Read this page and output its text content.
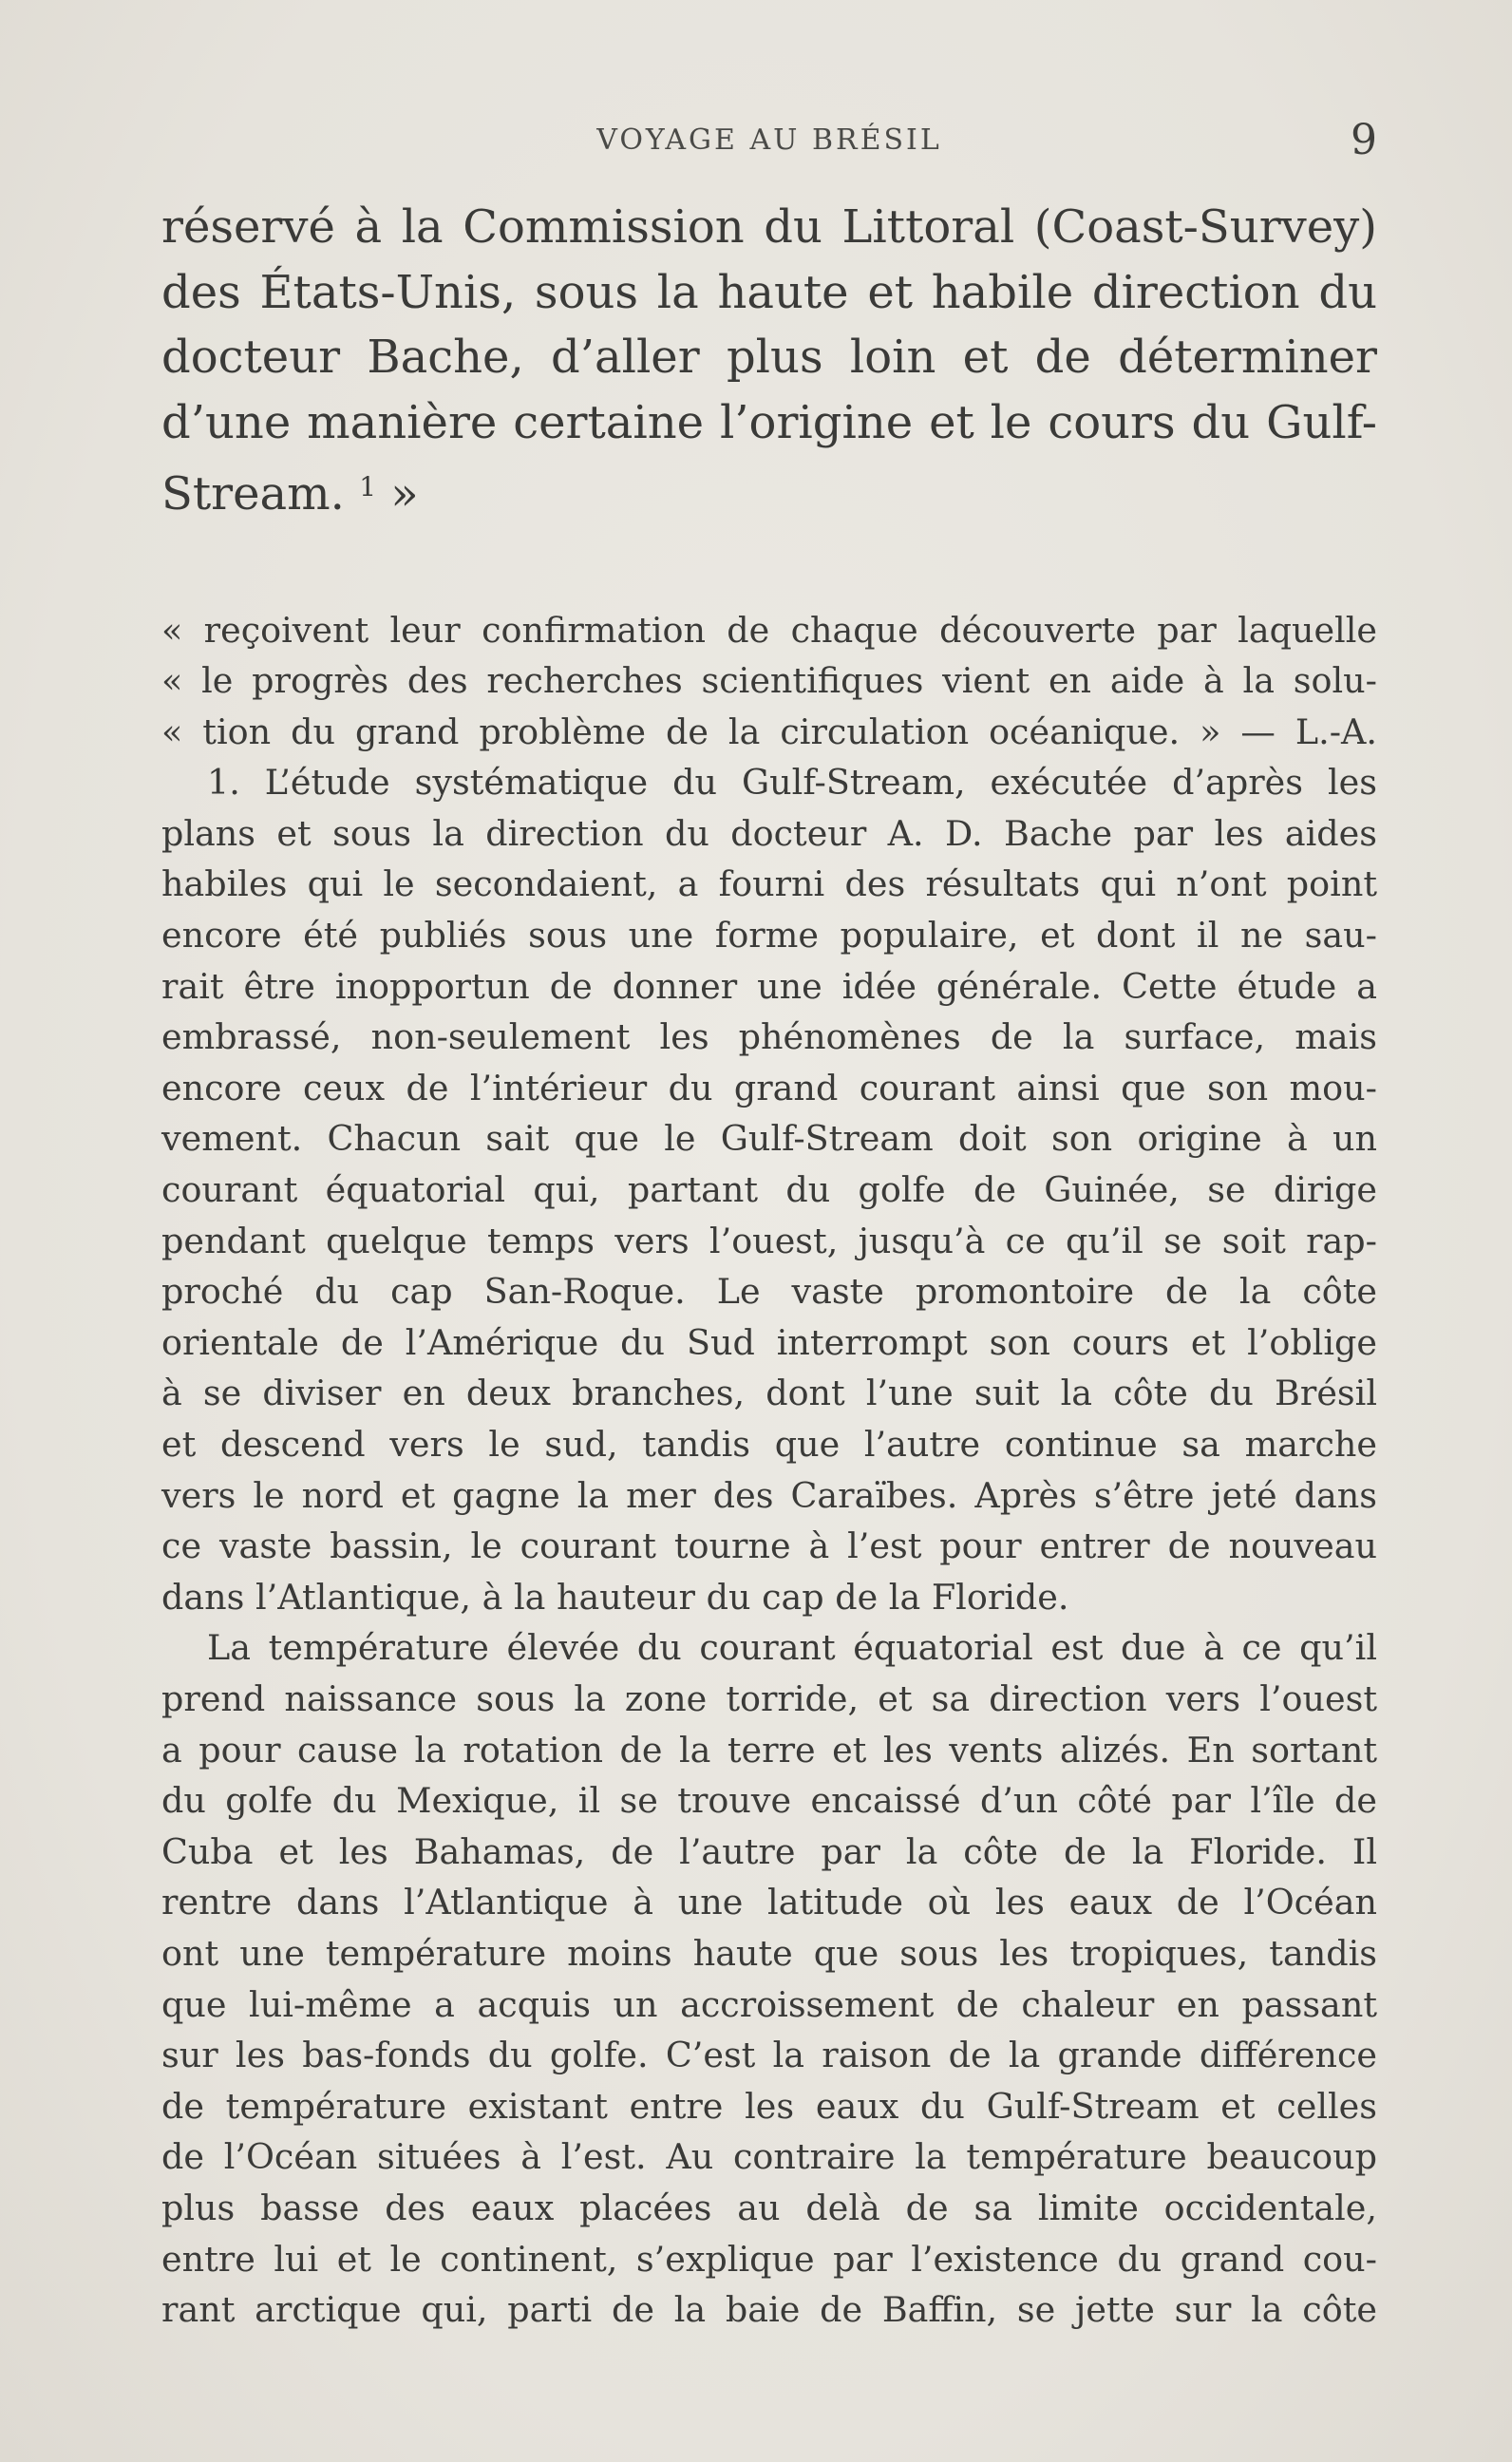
VOYAGE AU BRÉSIL	9
réservé à la Commission du Littoral (Coast-Survey)
des États-Unis, sous la haute et habile direction du
docteur Bache, d’aller plus loin et de déterminer
d’une manière certaine l’origine et le cours du Gulf-
Stream. $^1$ »
« reçoivent leur confirmation de chaque découverte par laquelle
« le progrès des recherches scientifiques vient en aide à la solu-
« tion du grand problème de la circulation océanique. » — L.-A.
1. L’étude systématique du Gulf-Stream, exécutée d’après les
plans et sous la direction du docteur A. D. Bache par les aides
habiles qui le secondaient, a fourni des résultats qui n’ont point
encore été publiés sous une forme populaire, et dont il ne sau-
rait être inopportun de donner une idée générale. Cette étude a
embrassé, non-seulement les phénomènes de la surface, mais
encore ceux de l’intérieur du grand courant ainsi que son mou-
vement. Chacun sait que le Gulf-Stream doit son origine à un
courant équatorial qui, partant du golfe de Guinée, se dirige
pendant quelque temps vers l’ouest, jusqu’à ce qu’il se soit rap-
proché du cap San-Roque. Le vaste promontoire de la côte
orientale de l’Amérique du Sud interrompt son cours et l’oblige
à se diviser en deux branches, dont l’une suit la côte du Brésil
et descend vers le sud, tandis que l’autre continue sa marche
vers le nord et gagne la mer des Caraïbes. Après s’être jeté dans
ce vaste bassin, le courant tourne à l’est pour entrer de nouveau
dans l’Atlantique, à la hauteur du cap de la Floride.
La température élevée du courant équatorial est due à ce qu’il
prend naissance sous la zone torride, et sa direction vers l’ouest
a pour cause la rotation de la terre et les vents alizés. En sortant
du golfe du Mexique, il se trouve encaissé d’un côté par l’île de
Cuba et les Bahamas, de l’autre par la côte de la Floride. Il
rentre dans l’Atlantique à une latitude où les eaux de l’Océan
ont une température moins haute que sous les tropiques, tandis
que lui-même a acquis un accroissement de chaleur en passant
sur les bas-fonds du golfe. C’est la raison de la grande différence
de température existant entre les eaux du Gulf-Stream et celles
de l’Océan situées à l’est. Au contraire la température beaucoup
plus basse des eaux placées au delà de sa limite occidentale,
entre lui et le continent, s’explique par l’existence du grand cou-
rant arctique qui, parti de la baie de Baffin, se jette sur la côte
